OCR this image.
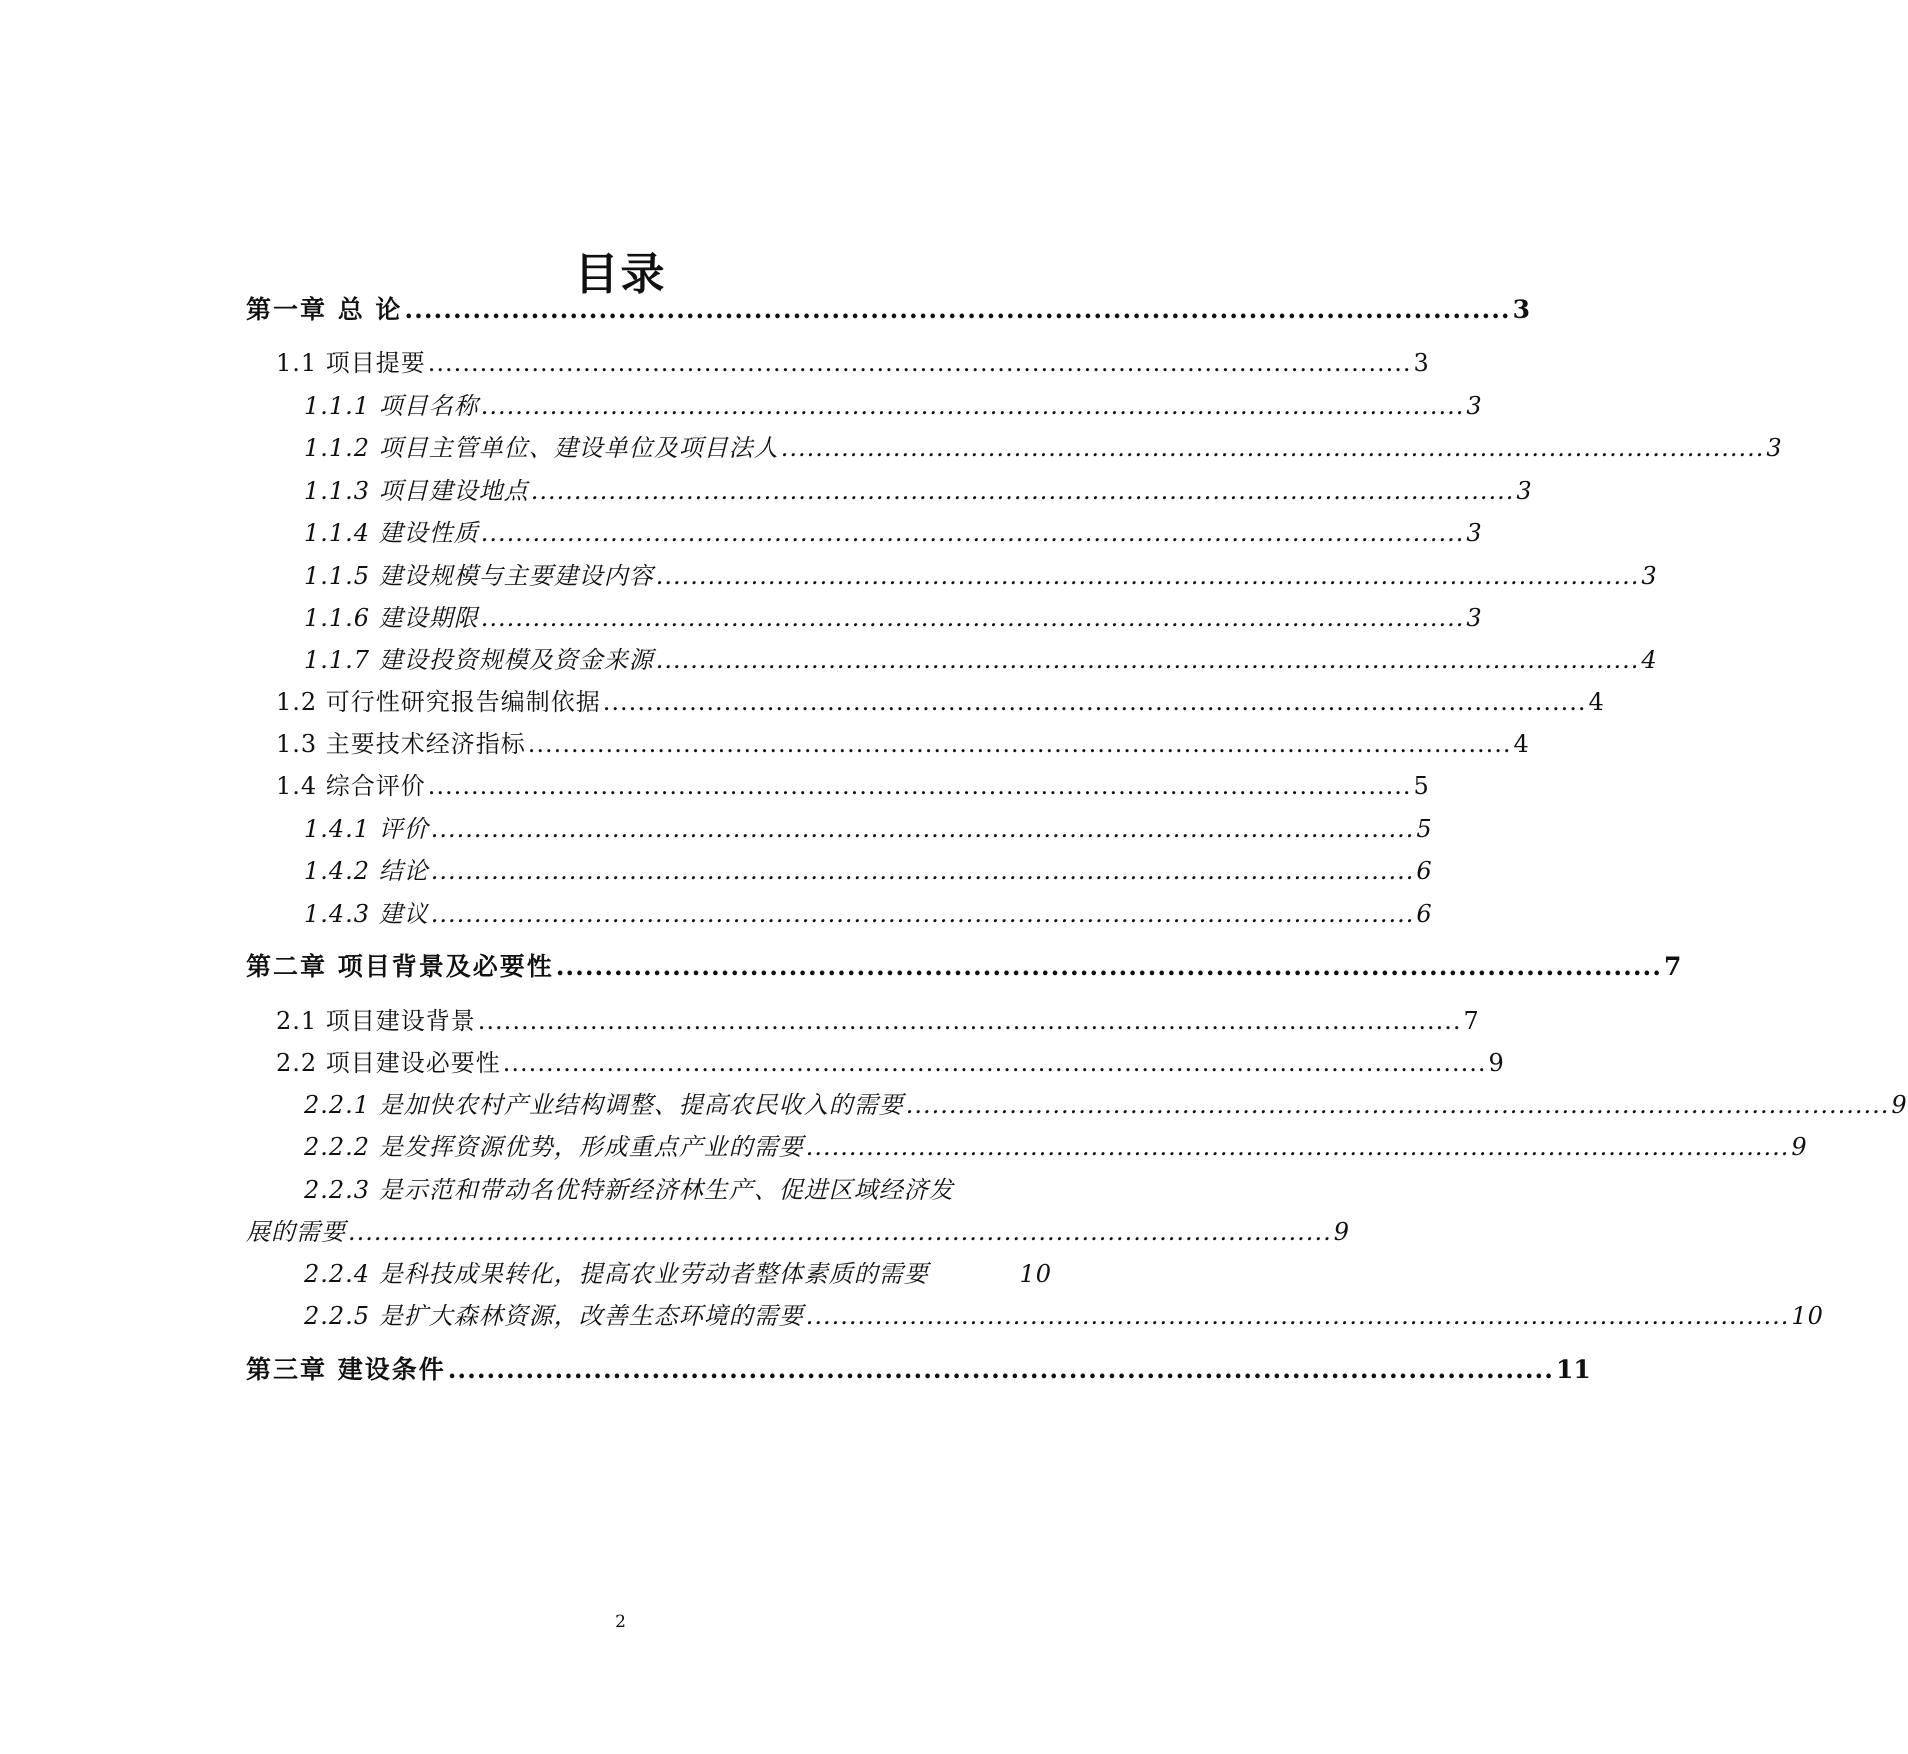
目录
第一章 总 论 .................................................................................................................. 3
1.1 项目提要 .................................................................................................................. 3
1.1.1 项目名称 .................................................................................................................. 3
1.1.2 项目主管单位、建设单位及项目法人 .................................................................................................................. 3
1.1.3 项目建设地点 .................................................................................................................. 3
1.1.4 建设性质 .................................................................................................................. 3
1.1.5 建设规模与主要建设内容 .................................................................................................................. 3
1.1.6 建设期限 .................................................................................................................. 3
1.1.7 建设投资规模及资金来源 .................................................................................................................. 4
1.2 可行性研究报告编制依据 .................................................................................................................. 4
1.3 主要技术经济指标 .................................................................................................................. 4
1.4 综合评价 .................................................................................................................. 5
1.4.1 评价 .................................................................................................................. 5
1.4.2 结论 .................................................................................................................. 6
1.4.3 建议 .................................................................................................................. 6
第二章 项目背景及必要性 .................................................................................................................. 7
2.1 项目建设背景 .................................................................................................................. 7
2.2 项目建设必要性 .................................................................................................................. 9
2.2.1 是加快农村产业结构调整、提高农民收入的需要 .................................................................................................................. 9
2.2.2 是发挥资源优势，形成重点产业的需要 .................................................................................................................. 9
2.2.3 是示范和带动名优特新经济林生产、促进区域经济发
展的需要 .................................................................................................................. 9
2.2.4 是科技成果转化，提高农业劳动者整体素质的需要	10
2.2.5 是扩大森林资源，改善生态环境的需要 .................................................................................................................. 10
第三章 建设条件 .................................................................................................................. 11
2
